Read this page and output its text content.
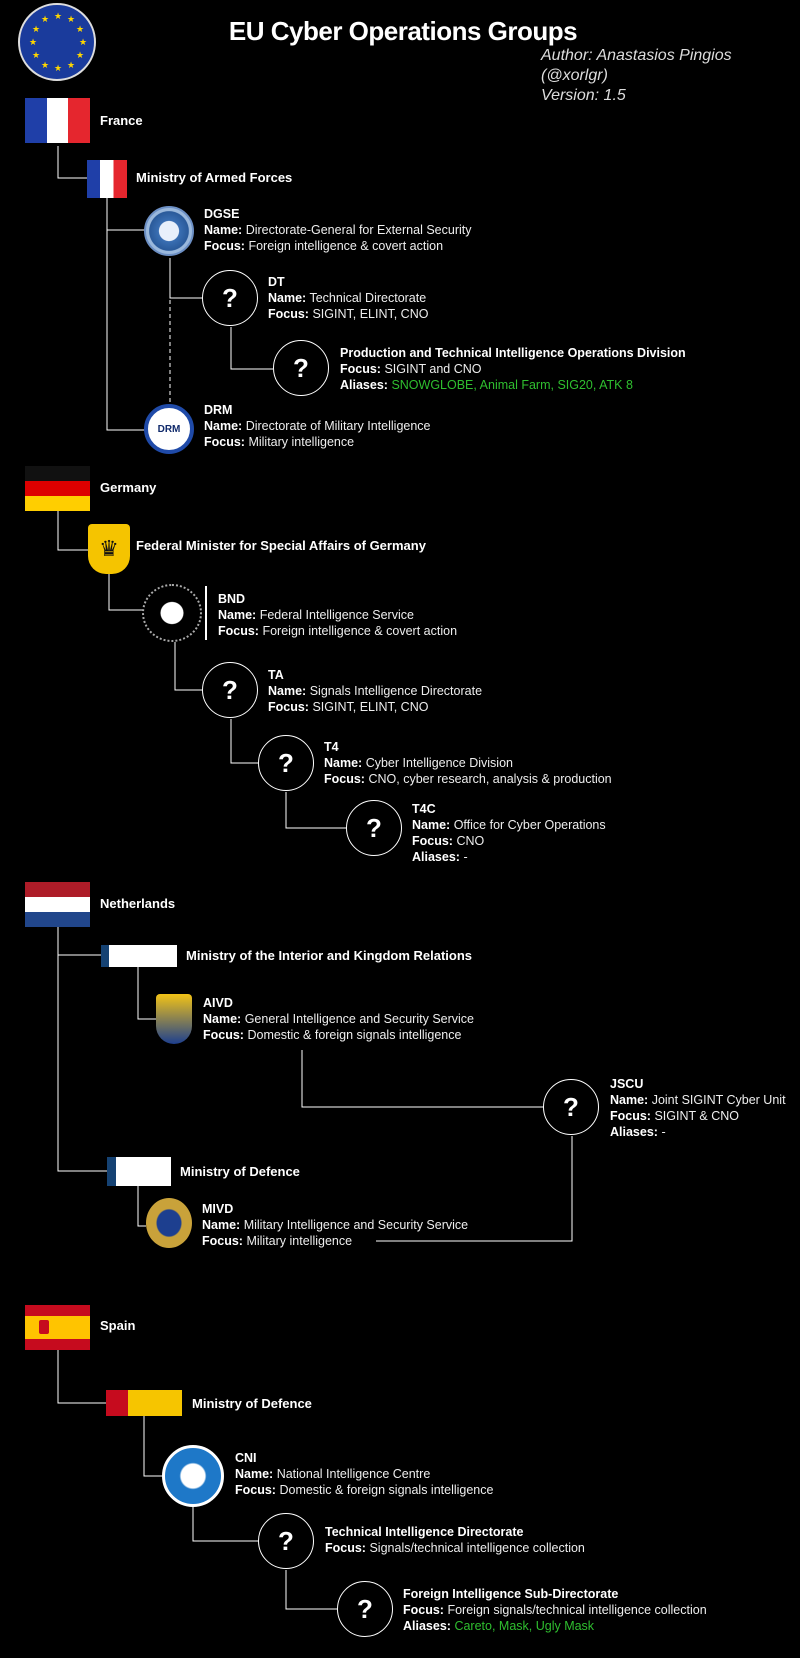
★ ★
★
★
★
★
★
★
★
★
★
★	EU Cyber Operations Groups
Author: Anastasios Pingios (@xorlgr)
Version: 1.5
France
Ministry of Armed Forces
DGSE
Name: Directorate-General for External Security
Focus: Foreign intelligence & covert action
?
DT
Name: Technical Directorate
Focus: SIGINT, ELINT, CNO
?	Production and Technical Intelligence Operations Division
Focus: SIGINT and CNO
Aliases: SNOWGLOBE, Animal Farm, SIG20, ATK 8
DRM
DRM
Name: Directorate of Military Intelligence
Focus: Military intelligence
Germany
♛	Federal Minister for Special Affairs of Germany
BND
Name: Federal Intelligence Service
Focus: Foreign intelligence & covert action
?	TA
Name: Signals Intelligence Directorate
Focus: SIGINT, ELINT, CNO
?
T4
Name: Cyber Intelligence Division
Focus: CNO, cyber research, analysis & production
?
T4C
Name: Office for Cyber Operations
Focus: CNO
Aliases: -
Netherlands
Ministry of the Interior and Kingdom Relations
AIVD
Name: General Intelligence and Security Service
Focus: Domestic & foreign signals intelligence
?
JSCU
Name: Joint SIGINT Cyber Unit
Focus: SIGINT & CNO
Aliases: -
Ministry of Defence
MIVD
Name: Military Intelligence and Security Service
Focus: Military intelligence
Spain
Ministry of Defence
CNI
Name: National Intelligence Centre
Focus: Domestic & foreign signals intelligence
?	Technical Intelligence Directorate
Focus: Signals/technical intelligence collection
?	Foreign Intelligence Sub-Directorate
Focus: Foreign signals/technical intelligence collection
Aliases: Careto, Mask, Ugly Mask
